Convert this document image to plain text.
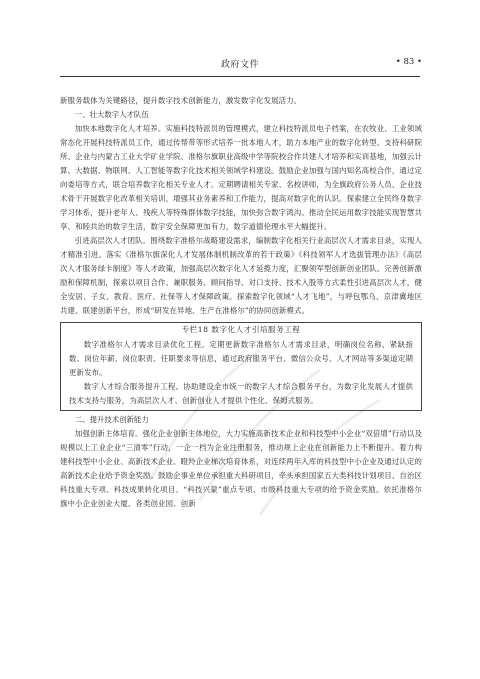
政府文件	• 83 •

新服务载体为关键路径，提升数字技术创新能力，激发数字化发展活力。

一、壮大数字人才队伍

加快本地数字化人才培养。实施科技特派员的管理模式，建立科技特派员电子档案，在农牧业、工业领域常态化开展科技特派员工作，通过传帮带等形式培养一批本地人才，助力本地产业的数字化转型。支持科研院所、企业与内蒙古工业大学矿业学院、准格尔旗职业高级中学等院校合作共建人才培养和实训基地，加强云计算、大数据、物联网、人工智能等数字化技术相关领域学科建设。鼓励企业加强与国内知名高校合作，通过定向委培等方式，联合培养数字化相关专业人才。定期聘请相关专家、名校讲师，为全旗政府公务人员、企业技术骨干开展数字化改革相关培训，增强其业务素养和工作能力，提高对数字化的认识。探索建立全民终身数字学习体系，提升老年人、残疾人等特殊群体数字技能，加快弥合数字鸿沟。推动全民运用数字技能实现智慧共享、和睦共治的数字生活，数字安全保障更加有力，数字道德伦理水平大幅提升。

引进高层次人才团队。围绕数字准格尔战略建设需求，编制数字化相关行业高层次人才需求目录，实现人才精准引进。落实《准格尔旗深化人才发展体制机制改革的若干政策》《科技领军人才选拔管理办法》《高层次人才服务绿卡制度》等人才政策，加强高层次数字化人才延揽力度，汇聚领军型创新创业团队。完善创新激励和保障机制，探索以项目合作、兼职服务、顾问指导、对口支持、技术入股等方式柔性引进高层次人才，健全安居、子女、教育、医疗、社保等人才保障政策。探索数字化领域“人才飞地”，与呼包鄂乌、京津冀地区共建、联建创新平台，形成“研发在异地、生产在准格尔”的协同创新模式。

专栏18 数字化人才引培服务工程

数字准格尔人才需求目录优化工程。定期更新数字准格尔人才需求目录，明确岗位名称、紧缺指数、岗位年薪、岗位职责、任职要求等信息，通过政府服务平台、微信公众号、人才网站等多渠道定期更新发布。

数字人才综合服务提升工程。协助建设全市统一的数字人才综合服务平台，为数字化发展人才提供技术支持与服务，为高层次人才、创新创业人才提供个性化、保姆式服务。

二、提升技术创新能力

加强创新主体培育。强化企业创新主体地位，大力实施高新技术企业和科技型中小企业“双倍增”行动以及规模以上工业企业“三清零”行动，一企一档为企业注册服务，推动规上企业在创新能力上不断提升。着力构建科技型中小企业、高新技术企业、瞪羚企业梯次培育体系，对连续两年入库的科技型中小企业及通过认定的高新技术企业给予资金奖励。鼓励企事业单位承担重大科研项目，牵头承担国家五大类科技计划项目、自治区科技重大专项、科技成果转化项目、“科技兴蒙”重点专项、市级科技重大专项的给予资金奖励。依托准格尔旗中小企业创业大厦、各类创业园、创新
